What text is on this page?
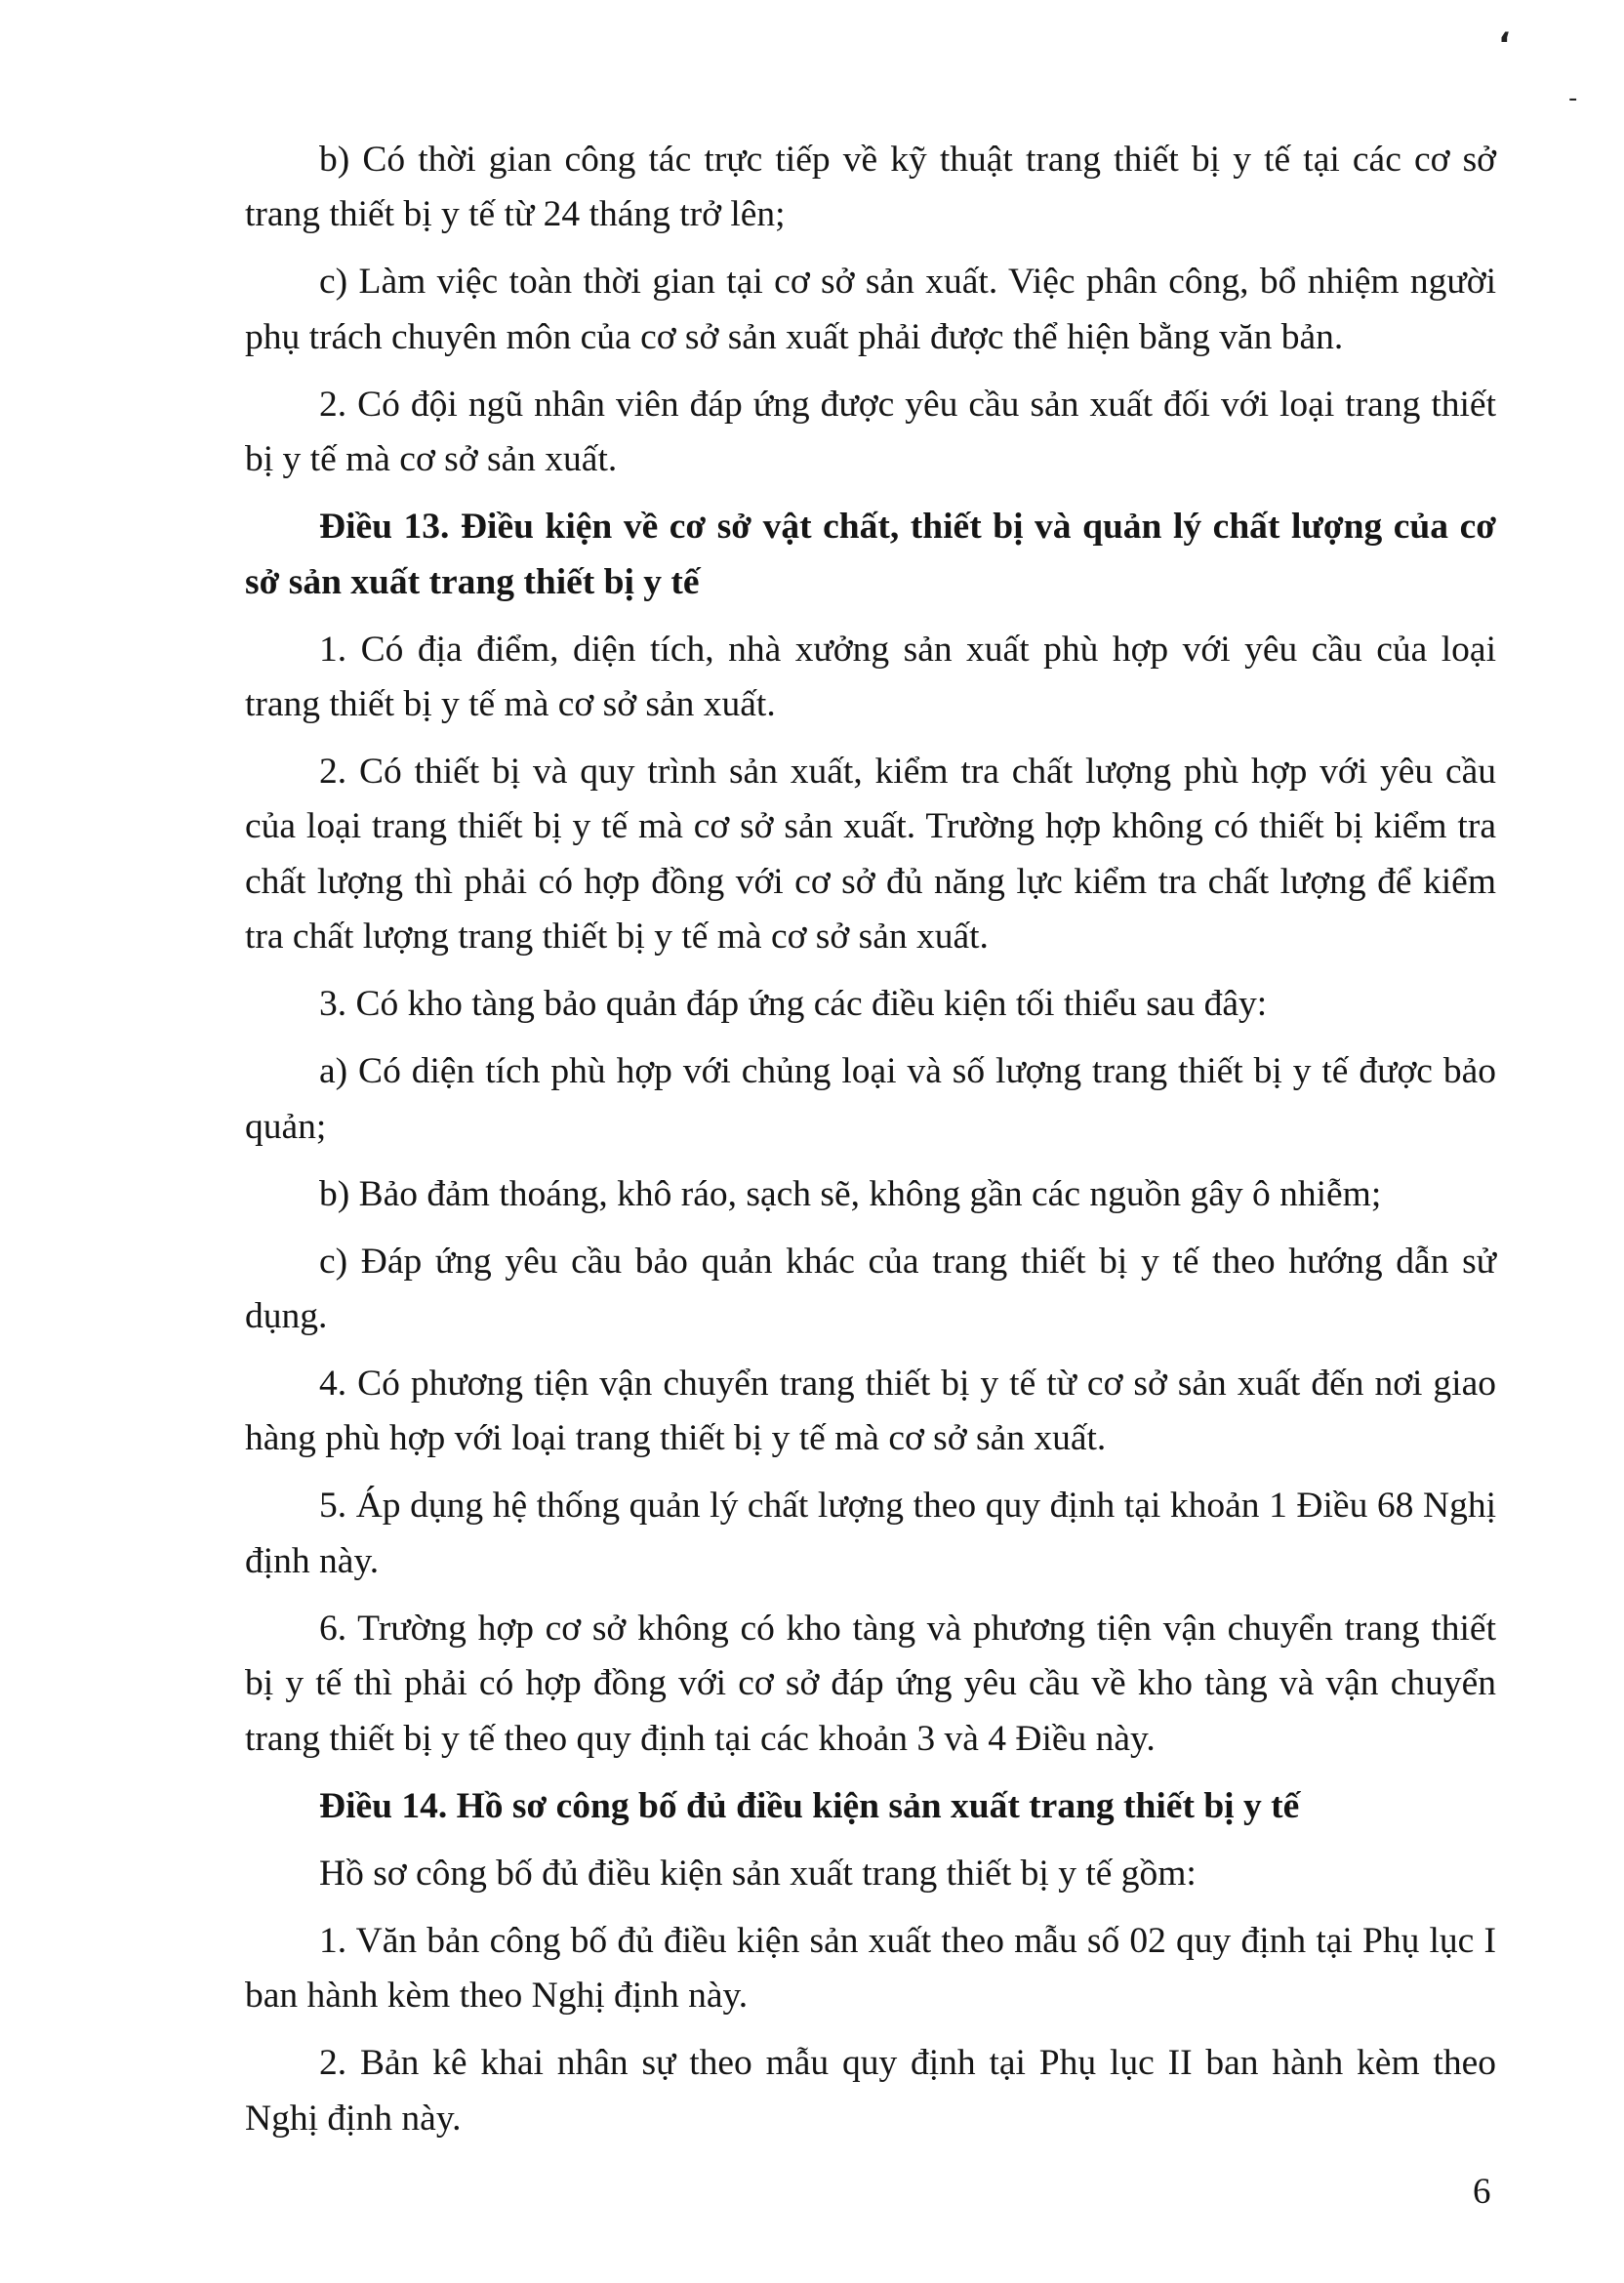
ʻ
-

b) Có thời gian công tác trực tiếp về kỹ thuật trang thiết bị y tế tại các cơ sở trang thiết bị y tế từ 24 tháng trở lên;

c) Làm việc toàn thời gian tại cơ sở sản xuất. Việc phân công, bổ nhiệm người phụ trách chuyên môn của cơ sở sản xuất phải được thể hiện bằng văn bản.

2. Có đội ngũ nhân viên đáp ứng được yêu cầu sản xuất đối với loại trang thiết bị y tế mà cơ sở sản xuất.

Điều 13. Điều kiện về cơ sở vật chất, thiết bị và quản lý chất lượng của cơ sở sản xuất trang thiết bị y tế

1. Có địa điểm, diện tích, nhà xưởng sản xuất phù hợp với yêu cầu của loại trang thiết bị y tế mà cơ sở sản xuất.

2. Có thiết bị và quy trình sản xuất, kiểm tra chất lượng phù hợp với yêu cầu của loại trang thiết bị y tế mà cơ sở sản xuất. Trường hợp không có thiết bị kiểm tra chất lượng thì phải có hợp đồng với cơ sở đủ năng lực kiểm tra chất lượng để kiểm tra chất lượng trang thiết bị y tế mà cơ sở sản xuất.

3. Có kho tàng bảo quản đáp ứng các điều kiện tối thiểu sau đây:

a) Có diện tích phù hợp với chủng loại và số lượng trang thiết bị y tế được bảo quản;

b) Bảo đảm thoáng, khô ráo, sạch sẽ, không gần các nguồn gây ô nhiễm;

c) Đáp ứng yêu cầu bảo quản khác của trang thiết bị y tế theo hướng dẫn sử dụng.

4. Có phương tiện vận chuyển trang thiết bị y tế từ cơ sở sản xuất đến nơi giao hàng phù hợp với loại trang thiết bị y tế mà cơ sở sản xuất.

5. Áp dụng hệ thống quản lý chất lượng theo quy định tại khoản 1 Điều 68 Nghị định này.

6. Trường hợp cơ sở không có kho tàng và phương tiện vận chuyển trang thiết bị y tế thì phải có hợp đồng với cơ sở đáp ứng yêu cầu về kho tàng và vận chuyển trang thiết bị y tế theo quy định tại các khoản 3 và 4 Điều này.

Điều 14. Hồ sơ công bố đủ điều kiện sản xuất trang thiết bị y tế

Hồ sơ công bố đủ điều kiện sản xuất trang thiết bị y tế gồm:

1. Văn bản công bố đủ điều kiện sản xuất theo mẫu số 02 quy định tại Phụ lục I ban hành kèm theo Nghị định này.

2. Bản kê khai nhân sự theo mẫu quy định tại Phụ lục II ban hành kèm theo Nghị định này.

6
